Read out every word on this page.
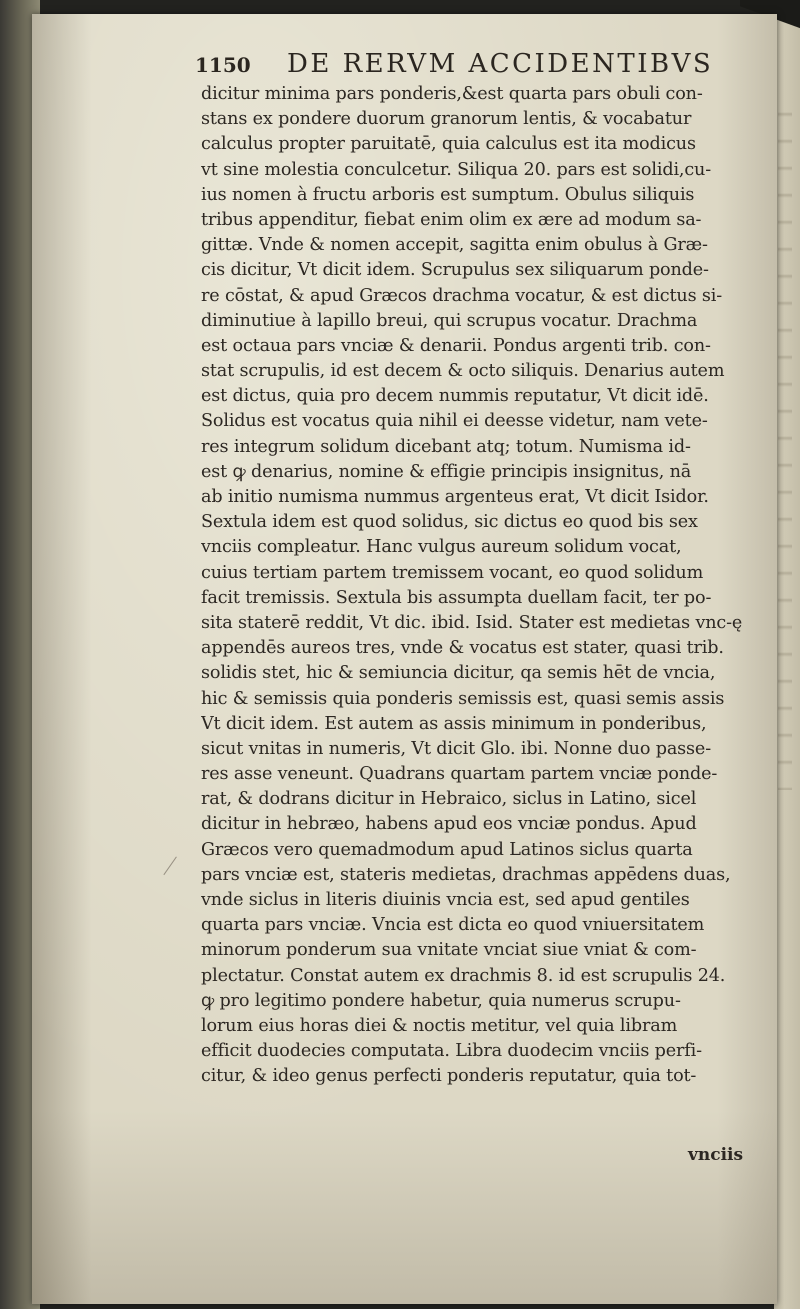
1150 DE RERVM ACCIDENTIBVS
dicitur minima pars ponderis,&est quarta pars obuli con-
stans ex pondere duorum granorum lentis, & vocabatur
calculus propter paruitatē, quia calculus est ita modicus
vt sine molestia conculcetur. Siliqua 20. pars est solidi,cu-
ius nomen à fructu arboris est sumptum. Obulus siliquis
tribus appenditur, fiebat enim olim ex ære ad modum sa-
gittæ. Vnde & nomen accepit, sagitta enim obulus à Græ-
cis dicitur, Vt dicit idem. Scrupulus sex siliquarum ponde-
re cōstat, & apud Græcos drachma vocatur, & est dictus si-
diminutiue à lapillo breui, qui scrupus vocatur. Drachma
est octaua pars vnciæ & denarii. Pondus argenti trib. con-
stat scrupulis, id est decem & octo siliquis. Denarius autem
est dictus, quia pro decem nummis reputatur, Vt dicit idē.
Solidus est vocatus quia nihil ei deesse videtur, nam vete-
res integrum solidum dicebant atq; totum. Numisma id-
est ꝙ denarius, nomine & effigie principis insignitus, nā
ab initio numisma nummus argenteus erat, Vt dicit Isidor.
Sextula idem est quod solidus, sic dictus eo quod bis sex
vnciis compleatur. Hanc vulgus aureum solidum vocat,
cuius tertiam partem tremissem vocant, eo quod solidum
facit tremissis. Sextula bis assumpta duellam facit, ter po-
sita staterē reddit, Vt dic. ibid. Isid. Stater est medietas vnc-ę
appendēs aureos tres, vnde & vocatus est stater, quasi trib.
solidis stet, hic & semiuncia dicitur, qa semis hēt de vncia,
hic & semissis quia ponderis semissis est, quasi semis assis
Vt dicit idem. Est autem as assis minimum in ponderibus,
sicut vnitas in numeris, Vt dicit Glo. ibi. Nonne duo passe-
res asse veneunt. Quadrans quartam partem vnciæ ponde-
rat, & dodrans dicitur in Hebraico, siclus in Latino, sicel
dicitur in hebræo, habens apud eos vnciæ pondus. Apud
Græcos vero quemadmodum apud Latinos siclus quarta
pars vnciæ est, stateris medietas, drachmas appēdens duas,
vnde siclus in literis diuinis vncia est, sed apud gentiles
quarta pars vnciæ. Vncia est dicta eo quod vniuersitatem
minorum ponderum sua vnitate vnciat siue vniat & com-
plectatur. Constat autem ex drachmis 8. id est scrupulis 24.
ꝙ pro legitimo pondere habetur, quia numerus scrupu-
lorum eius horas diei & noctis metitur, vel quia libram
efficit duodecies computata. Libra duodecim vnciis perfi-
citur, & ideo genus perfecti ponderis reputatur, quia tot-
vnciis
